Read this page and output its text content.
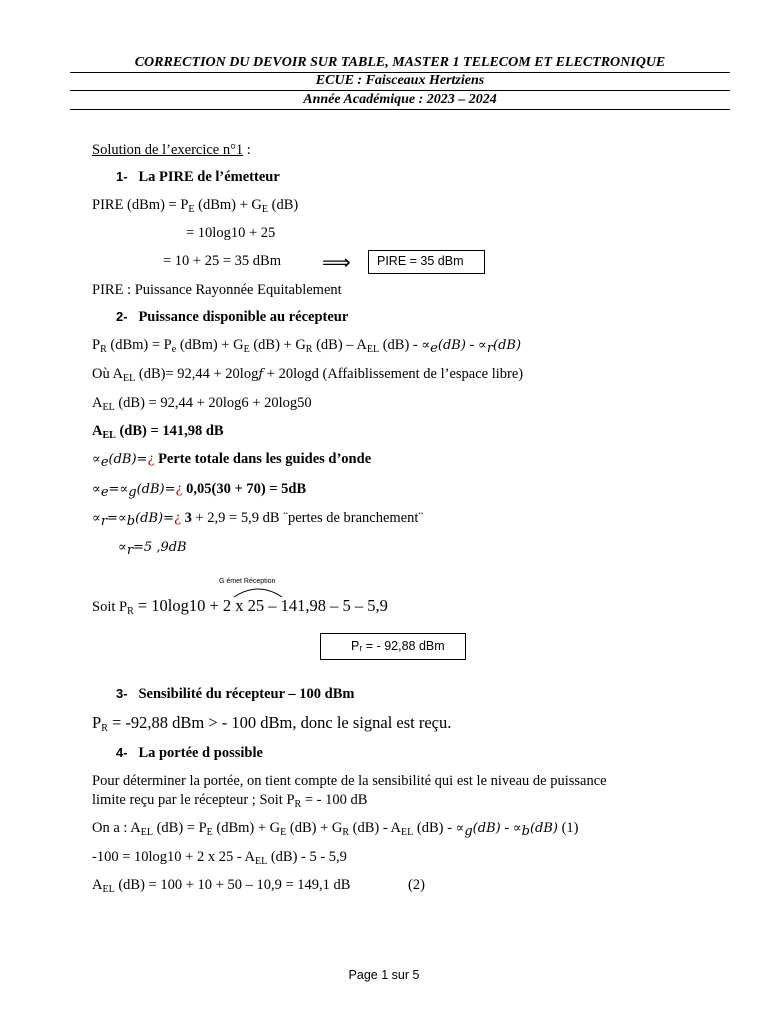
CORRECTION DU DEVOIR SUR TABLE, MASTER 1 TELECOM ET ELECTRONIQUE
ECUE : Faisceaux Hertziens
Année Académique : 2023 – 2024
Solution de l’exercice n°1 :
1- La PIRE de l’émetteur
PIRE $(dBm) = P_E$ $(dBm) + G_E$ (dB)
= 10log10 + 25
= 10 + 25 = 35 dBm ⟹	PIRE = 35 dBm
PIRE : Puissance Rayonnée Equitablement
2- Puissance disponible au récepteur
$P_R$ $(dBm) = P_e$ $(dBm) + G_E$ $(dB) + G_R$ $(dB) - A_{EL}$ (dB) - ∝e(dB) - ∝r(dB)
Où $A_{EL}$ (dB)= 92,44 + 20logf + 20logd (Affaiblissement de l’espace libre)
$A_{EL}$ (dB) = 92,44 + 20log6 + 20log50
$A_{EL}$ (dB) = 141,98 dB
∝e(dB)=¿ Perte totale dans les guides d’onde
∝e=∝g(dB)=¿ 0,05(30 + 70) = 5dB
∝r=∝b(dB)=¿ 3 + 2,9 = 5,9 dB ¨pertes de branchement¨
∝r=5 ,9dB
G émet Réception
Soit $P_R = 10\log 10 + 2$ x 25 – 141,98 – 5 – 5,9
Pᵣ = - 92,88 dBm
3- Sensibilité du récepteur – 100 dBm
$P_R = -92,88$ dBm > - 100 dBm, donc le signal est reçu.
4- La portée d possible
Pour déterminer la portée, on tient compte de la sensibilité qui est le niveau de puissance
limite reçu par le récepteur ; Soit $P_R$ = - 100 dB
On a : $A_{EL}$ $(dB) = P_E$ $(dBm) + G_E$ $(dB) + G_R$ $(dB) - A_{EL}$ (dB) - ∝g(dB) - ∝b(dB) (1)
-100 = 10log10 + 2 x $25 - A_{EL}$ (dB) - 5 - 5,9
$A_{EL}$ (dB) = 100 + 10 + 50 – 10,9 = 149,1 dB	(2)
Page 1 sur 5
